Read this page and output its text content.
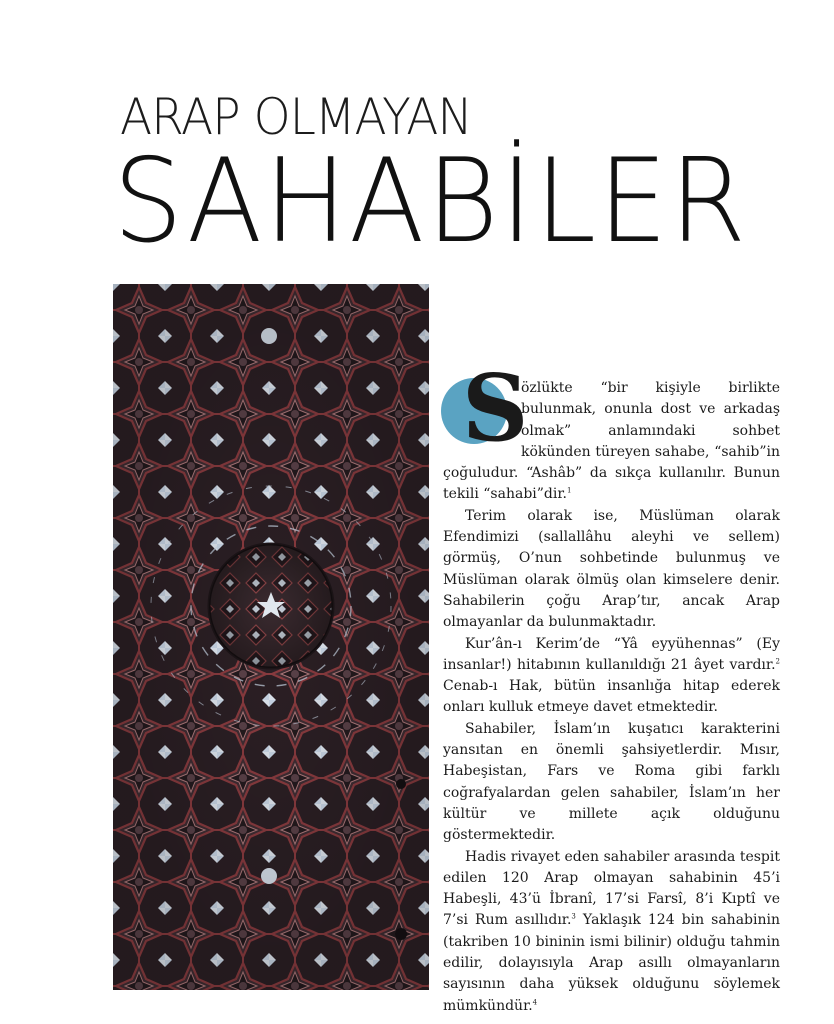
ARAP OLMAYAN
SAHABİLER

S
özlükte “bir kişiyle birlikte bulunmak, onunla dost ve arkadaş olmak” anlamındaki sohbet kökünden türeyen sahabe, “sahib”in çoğuludur. “Ashâb” da sıkça kullanılır. Bunun tekili “sahabi”dir.$^1$

Terim olarak ise, Müslüman olarak Efendimizi (sallallâhu aleyhi ve sellem) görmüş, O’nun sohbetinde bulunmuş ve Müslüman olarak ölmüş olan kimselere denir. Sahabilerin çoğu Arap’tır, ancak Arap olmayanlar da bulunmaktadır.

Kur’ân-ı Kerim’de “Yâ eyyühennas” (Ey insanlar!) hitabının kullanıldığı 21 âyet vardır.$^2$ Cenab-ı Hak, bütün insanlığa hitap ederek onları kulluk etmeye davet etmektedir.

Sahabiler, İslam’ın kuşatıcı karakterini yansıtan en önemli şahsiyetlerdir. Mısır, Habeşistan, Fars ve Roma gibi farklı coğrafyalardan gelen sahabiler, İslam’ın her kültür ve millete açık olduğunu göstermektedir.

Hadis rivayet eden sahabiler arasında tespit edilen 120 Arap olmayan sahabinin 45’i Habeşli, 43’ü İbranî, 17’si Farsî, 8’i Kıptî ve 7’si Rum asıllıdır.$^3$ Yaklaşık 124 bin sahabinin (takriben 10 bininin ismi bilinir) olduğu tahmin edilir, dolayısıyla Arap asıllı olmayanların sayısının daha yüksek olduğunu söylemek mümkündür.$^4$
